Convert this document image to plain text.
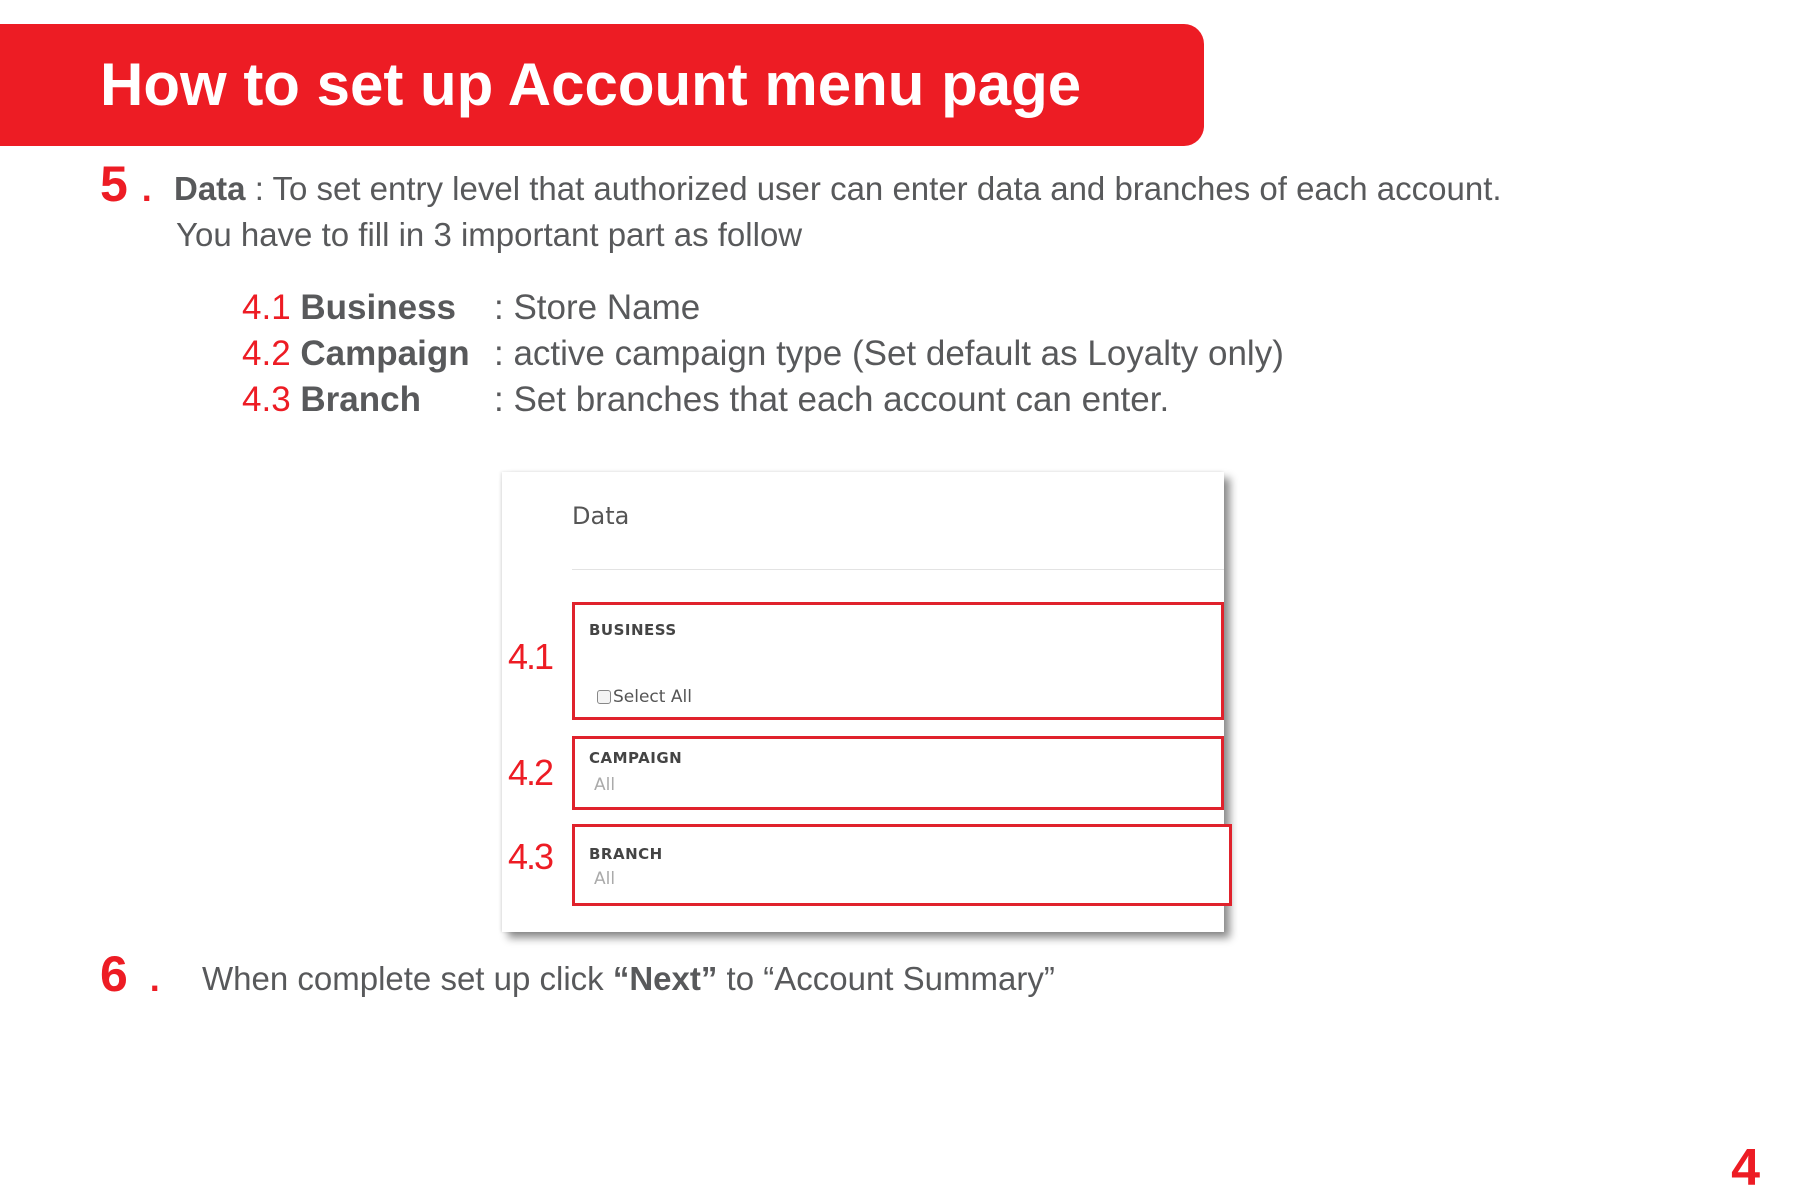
How to set up Account menu page
5 . Data : To set entry level that authorized user can enter data and branches of each account.
You have to fill in 3 important part as follow
4.1 Business : Store Name
4.2 Campaign : active campaign type (Set default as Loyalty only)
4.3 Branch : Set branches that each account can enter.
Data
BUSINESS
Select All
CAMPAIGN
All
BRANCH
All
4.1
4.2
4.3
6 . When complete set up click “Next” to “Account Summary”
4
